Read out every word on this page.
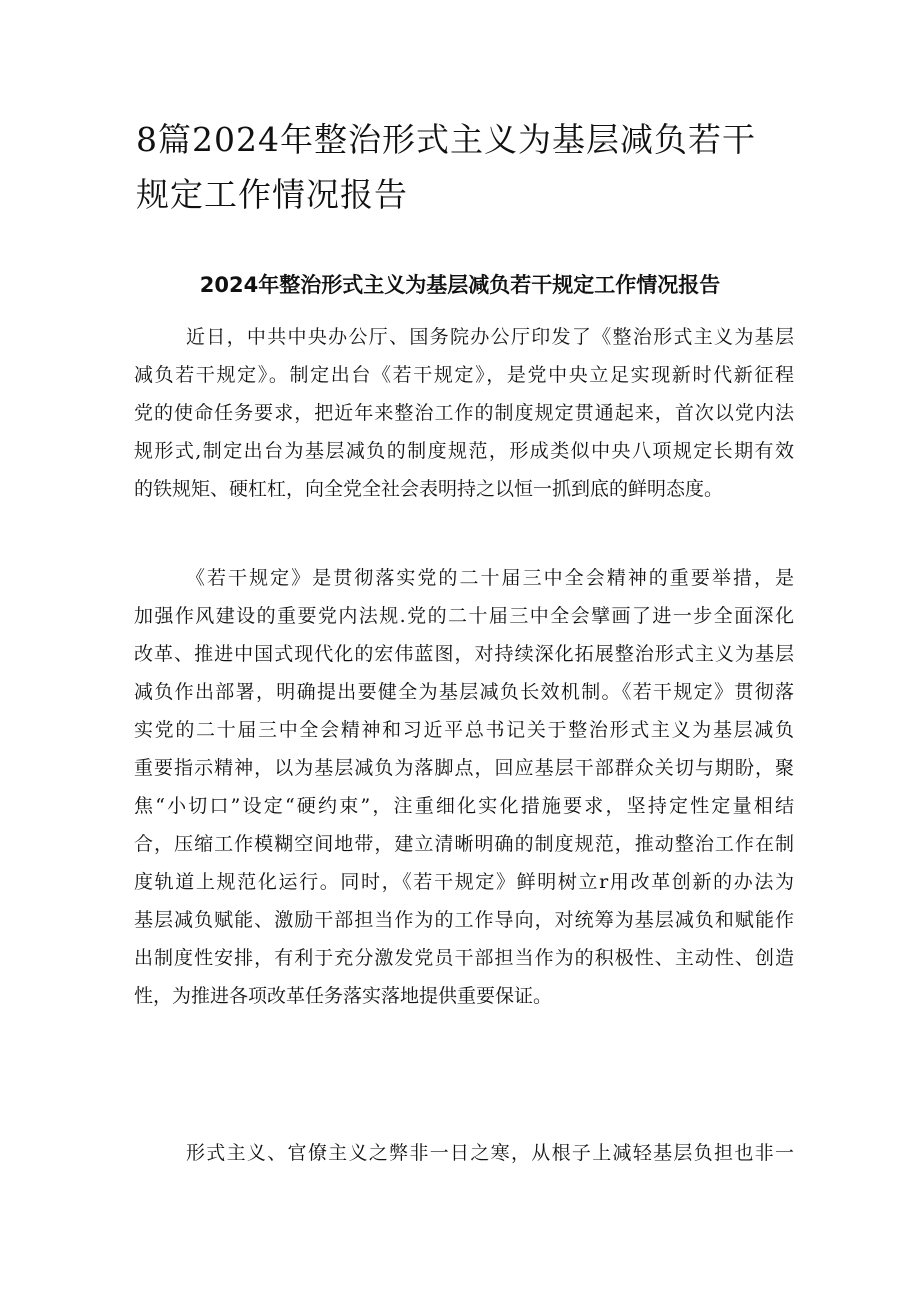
8篇2024年整治形式主义为基层减负若干
规定工作情况报告
2024年整治形式主义为基层减负若干规定工作情况报告

近日，中共中央办公厅、国务院办公厅印发了《整治形式主义为基层
减负若干规定》。制定出台《若干规定》，是党中央立足实现新时代新征程
党的使命任务要求，把近年来整治工作的制度规定贯通起来，首次以党内法
规形式,制定出台为基层减负的制度规范，形成类似中央八项规定长期有效
的铁规矩、硬杠杠，向全党全社会表明持之以恒一抓到底的鲜明态度。

《若干规定》是贯彻落实党的二十届三中全会精神的重要举措，是
加强作风建设的重要党内法规.党的二十届三中全会擘画了进一步全面深化
改革、推进中国式现代化的宏伟蓝图，对持续深化拓展整治形式主义为基层
减负作出部署，明确提出要健全为基层减负长效机制。《若干规定》贯彻落
实党的二十届三中全会精神和习近平总书记关于整治形式主义为基层减负
重要指示精神，以为基层减负为落脚点，回应基层干部群众关切与期盼，聚
焦“小切口”设定“硬约束”，注重细化实化措施要求，坚持定性定量相结
合，压缩工作模糊空间地带，建立清晰明确的制度规范，推动整治工作在制
度轨道上规范化运行。同时，《若干规定》鲜明树立r用改革创新的办法为
基层减负赋能、激励干部担当作为的工作导向，对统筹为基层减负和赋能作
出制度性安排，有利于充分激发党员干部担当作为的积极性、主动性、创造
性，为推进各项改革任务落实落地提供重要保证。

形式主义、官僚主义之弊非一日之寒，从根子上减轻基层负担也非一
